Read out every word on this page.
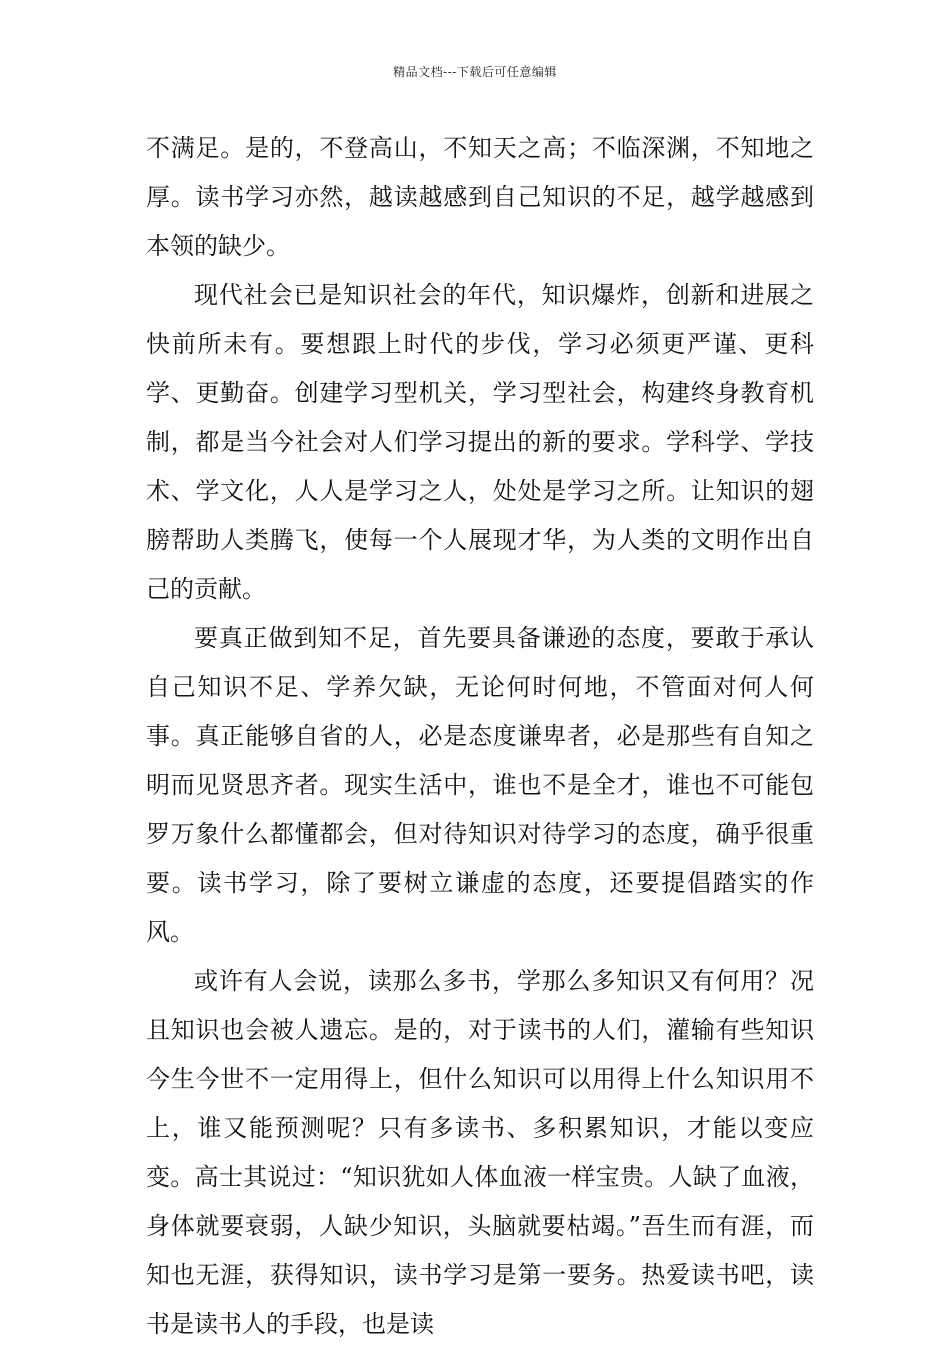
精品文档---下载后可任意编辑

不满足。是的，不登高山，不知天之高；不临深渊，不知地之厚。读书学习亦然，越读越感到自己知识的不足，越学越感到本领的缺少。

现代社会已是知识社会的年代，知识爆炸，创新和进展之快前所未有。要想跟上时代的步伐，学习必须更严谨、更科学、更勤奋。创建学习型机关，学习型社会，构建终身教育机制，都是当今社会对人们学习提出的新的要求。学科学、学技术、学文化，人人是学习之人，处处是学习之所。让知识的翅膀帮助人类腾飞，使每一个人展现才华，为人类的文明作出自己的贡献。

要真正做到知不足，首先要具备谦逊的态度，要敢于承认自己知识不足、学养欠缺，无论何时何地，不管面对何人何事。真正能够自省的人，必是态度谦卑者，必是那些有自知之明而见贤思齐者。现实生活中，谁也不是全才，谁也不可能包罗万象什么都懂都会，但对待知识对待学习的态度，确乎很重要。读书学习，除了要树立谦虚的态度，还要提倡踏实的作风。

或许有人会说，读那么多书，学那么多知识又有何用？况且知识也会被人遗忘。是的，对于读书的人们，灌输有些知识今生今世不一定用得上，但什么知识可以用得上什么知识用不上，谁又能预测呢？只有多读书、多积累知识，才能以变应变。高士其说过：“知识犹如人体血液一样宝贵。人缺了血液，身体就要衰弱，人缺少知识，头脑就要枯竭。”吾生而有涯，而知也无涯，获得知识，读书学习是第一要务。热爱读书吧，读书是读书人的手段，也是读
